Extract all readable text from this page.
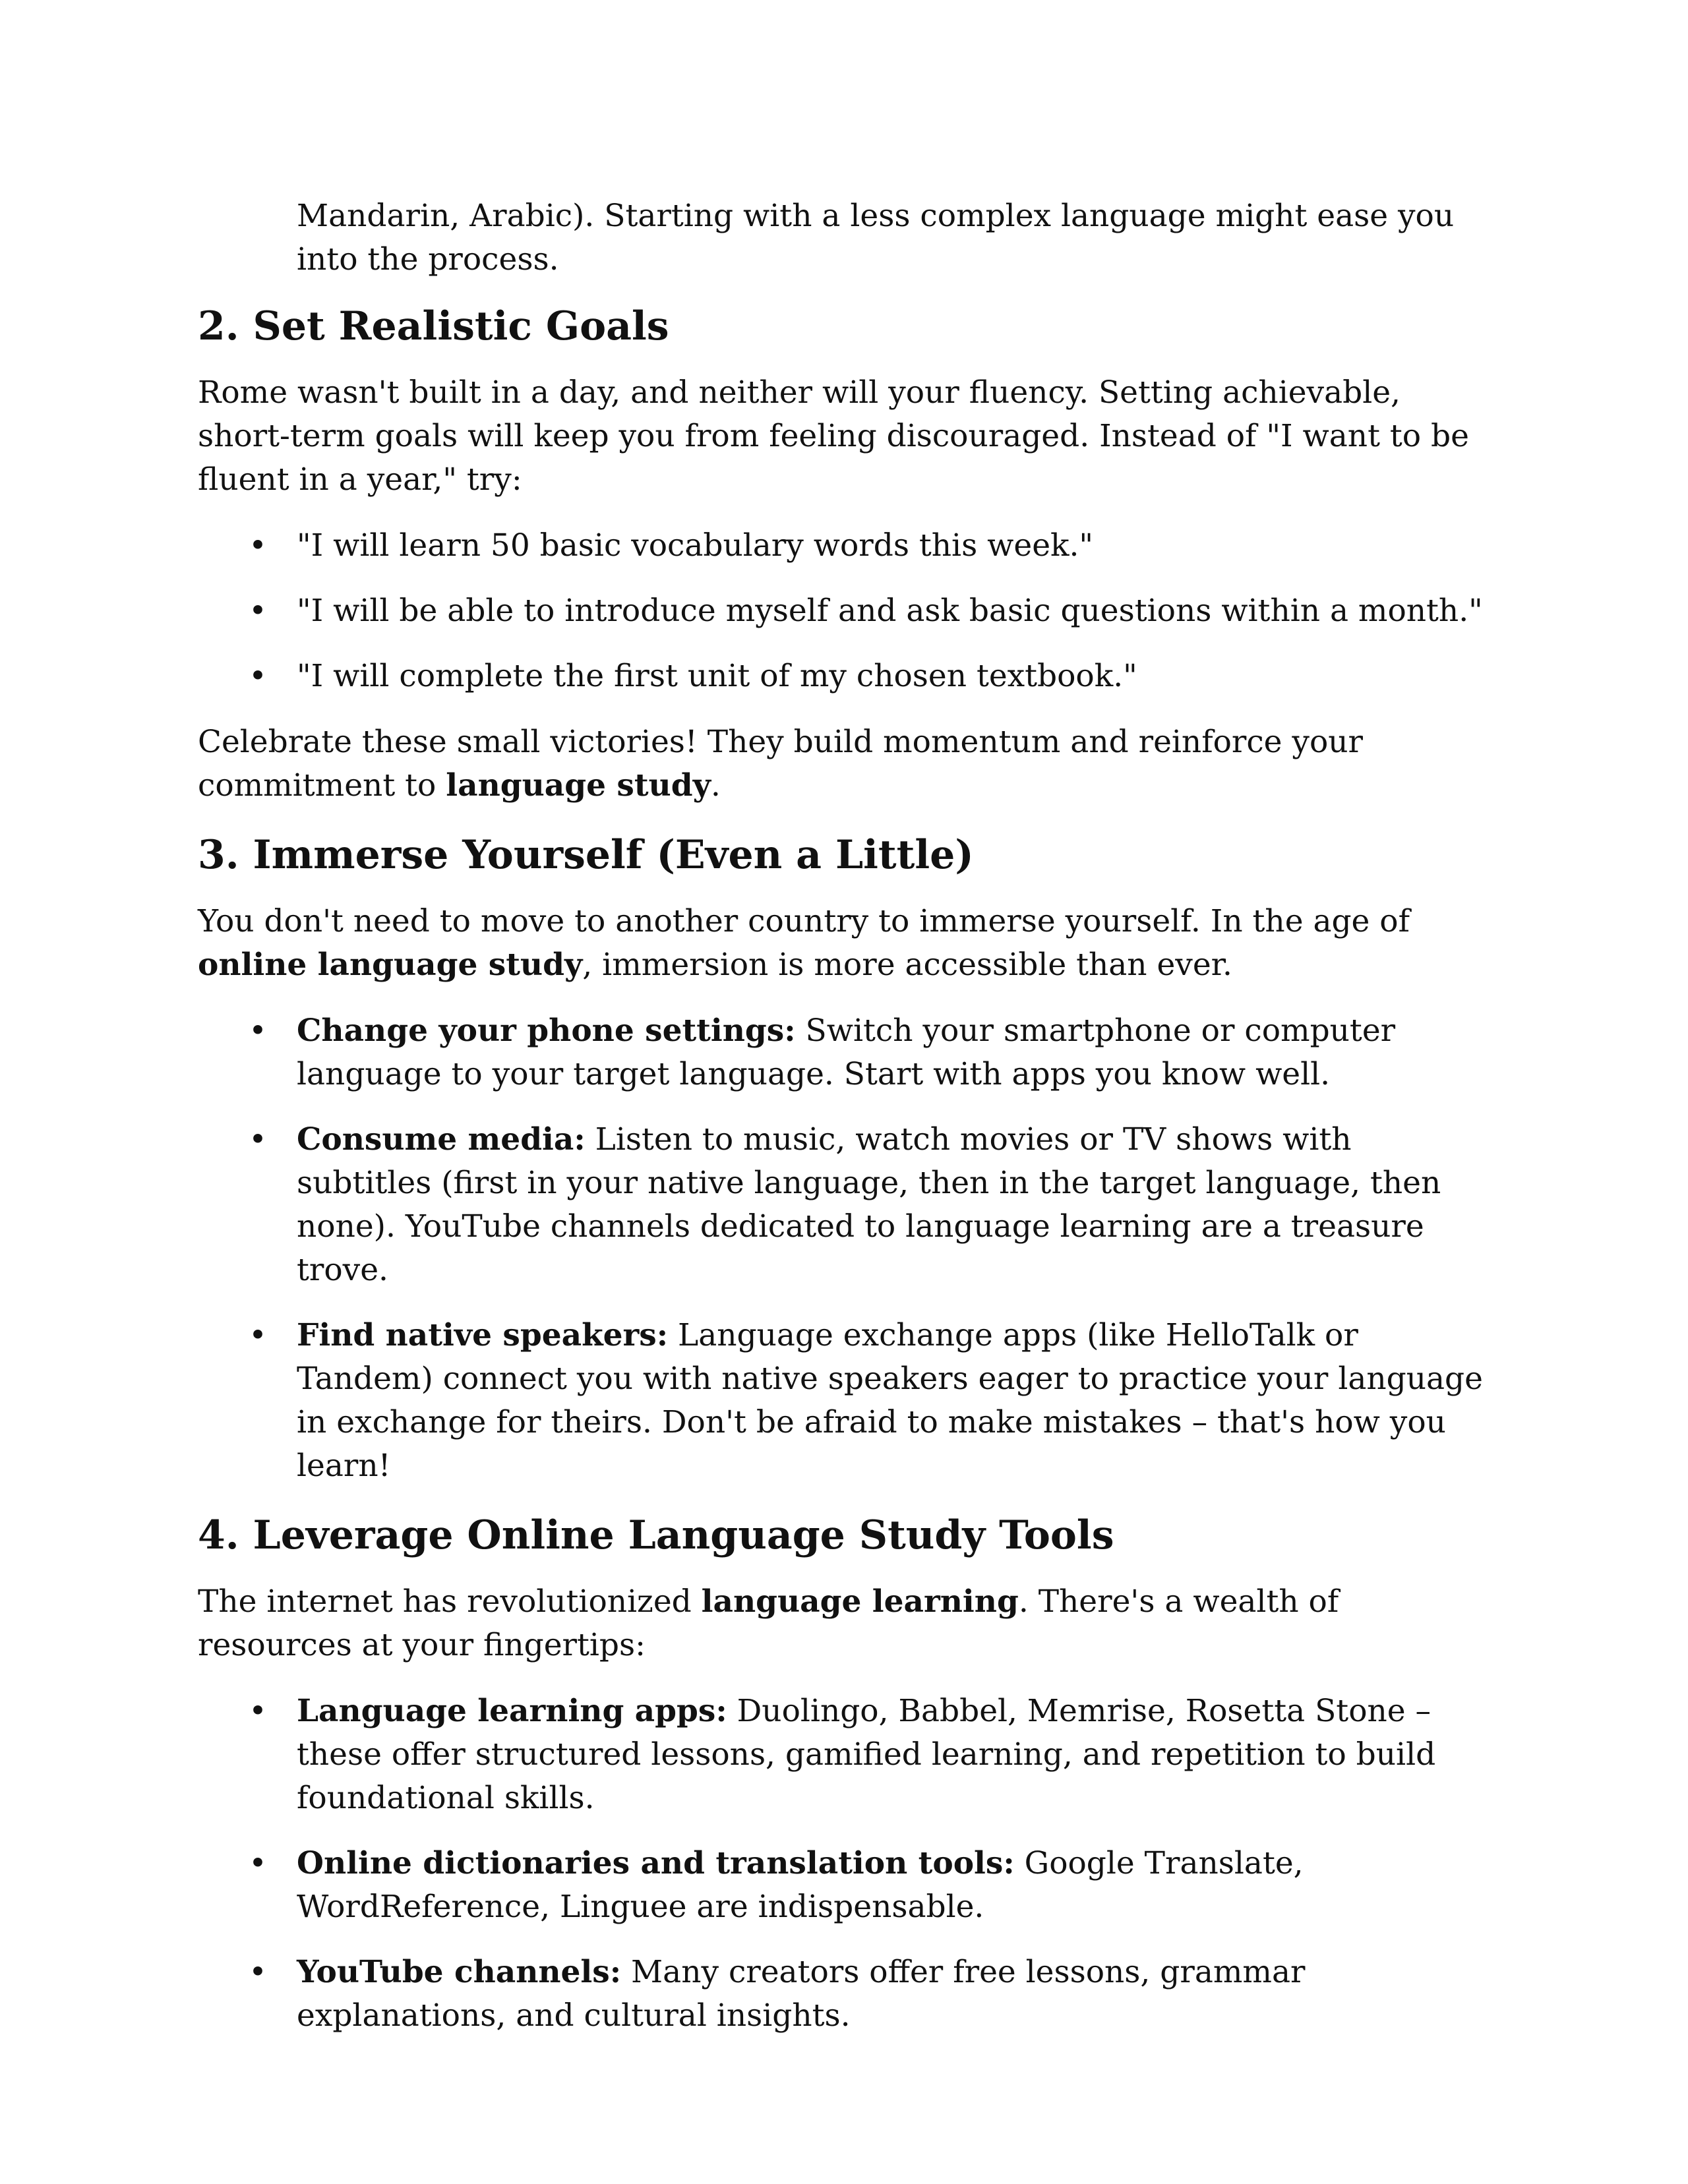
Mandarin, Arabic). Starting with a less complex language might ease you into the process.

2. Set Realistic Goals

Rome wasn't built in a day, and neither will your fluency. Setting achievable, short-term goals will keep you from feeling discouraged. Instead of "I want to be fluent in a year," try:

• "I will learn 50 basic vocabulary words this week."
• "I will be able to introduce myself and ask basic questions within a month."
• "I will complete the first unit of my chosen textbook."

Celebrate these small victories! They build momentum and reinforce your commitment to language study.

3. Immerse Yourself (Even a Little)

You don't need to move to another country to immerse yourself. In the age of online language study, immersion is more accessible than ever.

• Change your phone settings: Switch your smartphone or computer language to your target language. Start with apps you know well.
• Consume media: Listen to music, watch movies or TV shows with subtitles (first in your native language, then in the target language, then none). YouTube channels dedicated to language learning are a treasure trove.
• Find native speakers: Language exchange apps (like HelloTalk or Tandem) connect you with native speakers eager to practice your language in exchange for theirs. Don't be afraid to make mistakes – that's how you learn!
4. Leverage Online Language Study Tools

The internet has revolutionized language learning. There's a wealth of resources at your fingertips:

• Language learning apps: Duolingo, Babbel, Memrise, Rosetta Stone – these offer structured lessons, gamified learning, and repetition to build foundational skills.
• Online dictionaries and translation tools: Google Translate, WordReference, Linguee are indispensable.
• YouTube channels: Many creators offer free lessons, grammar explanations, and cultural insights.
